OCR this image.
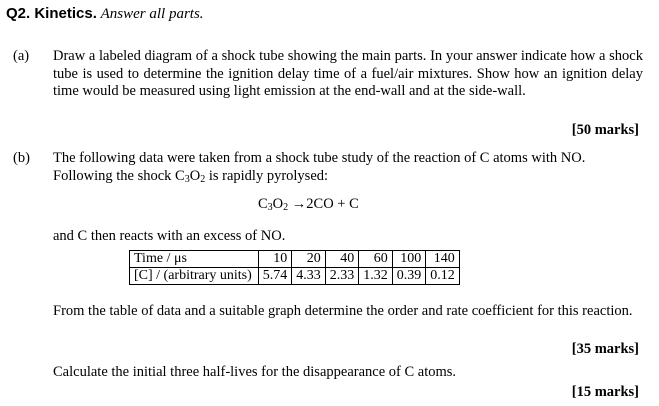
Q2. Kinetics. Answer all parts.
(a) Draw a labeled diagram of a shock tube showing the main parts. In your answer indicate how a shock tube is used to determine the ignition delay time of a fuel/air mixtures. Show how an ignition delay time would be measured using light emission at the end-wall and at the side-wall.
[50 marks]
(b) The following data were taken from a shock tube study of the reaction of C atoms with NO.
Following the shock $C_3O_2$ is rapidly pyrolysed:
$C_3O_2 \to 2CO + C$
and C then reacts with an excess of NO.
Time / μs	10	20	40	60	100	140
[C] / (arbitrary units)	5.74	4.33	2.33	1.32	0.39	0.12
From the table of data and a suitable graph determine the order and rate coefficient for this reaction.
[35 marks]
Calculate the initial three half-lives for the disappearance of C atoms.
[15 marks]
